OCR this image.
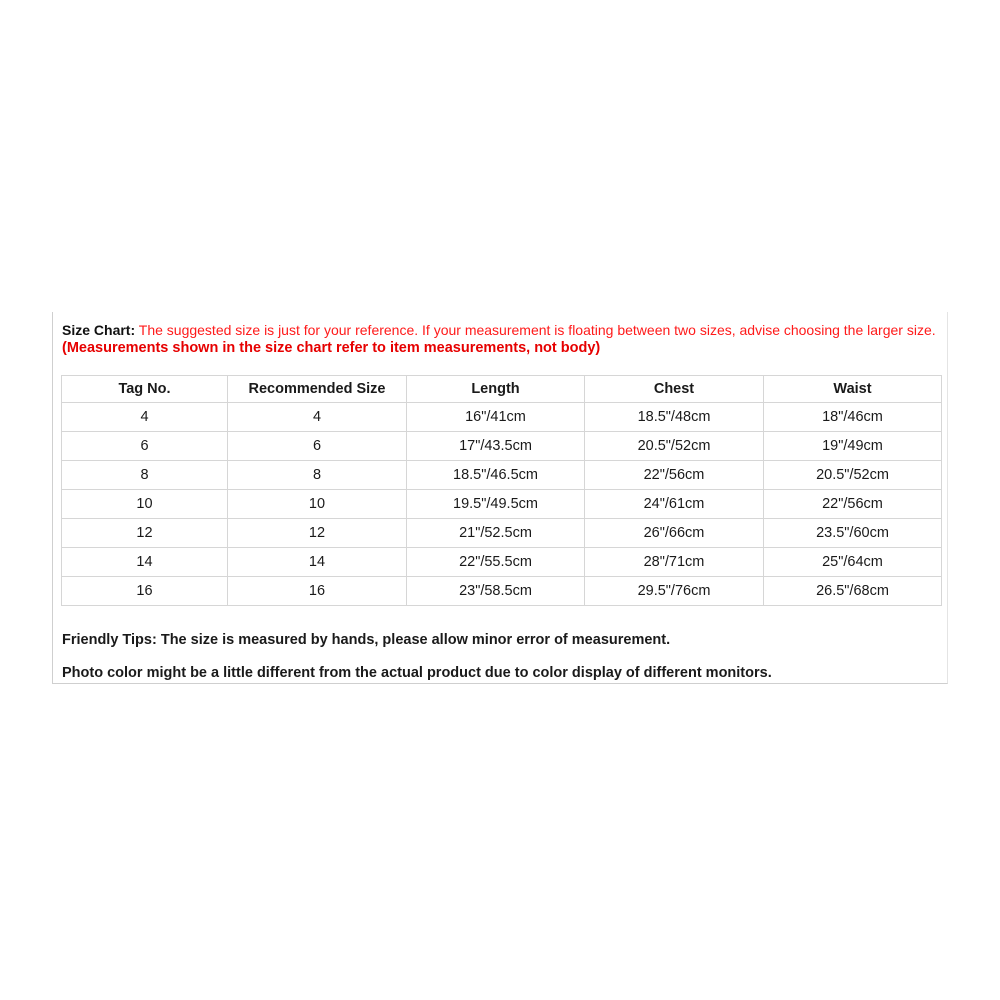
Size Chart: The suggested size is just for your reference. If your measurement is floating between two sizes, advise choosing the larger size.
(Measurements shown in the size chart refer to item measurements, not body)
Tag No.	Recommended Size	Length	Chest	Waist
4	4	16"/41cm	18.5"/48cm	18"/46cm
6	6	17"/43.5cm	20.5"/52cm	19"/49cm
8	8	18.5"/46.5cm	22"/56cm	20.5"/52cm
10	10	19.5"/49.5cm	24"/61cm	22"/56cm
12	12	21"/52.5cm	26"/66cm	23.5"/60cm
14	14	22"/55.5cm	28"/71cm	25"/64cm
16	16	23"/58.5cm	29.5"/76cm	26.5"/68cm
Friendly Tips: The size is measured by hands, please allow minor error of measurement.
Photo color might be a little different from the actual product due to color display of different monitors.
